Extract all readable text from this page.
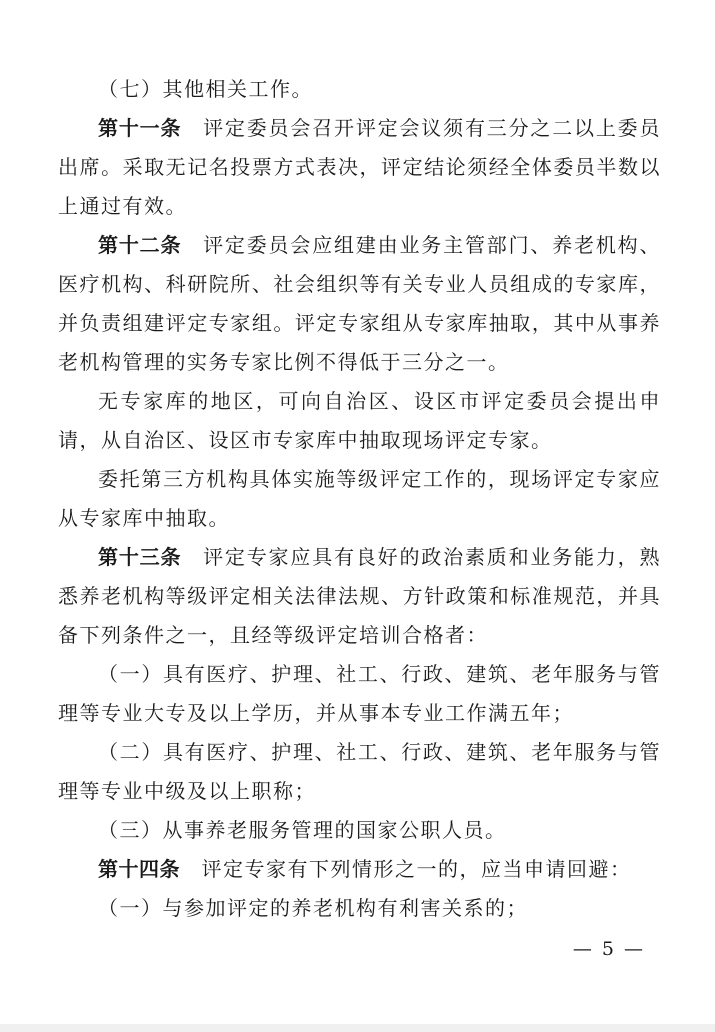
（七）其他相关工作。

第十一条　评定委员会召开评定会议须有三分之二以上委员出席。采取无记名投票方式表决，评定结论须经全体委员半数以上通过有效。

第十二条　评定委员会应组建由业务主管部门、养老机构、医疗机构、科研院所、社会组织等有关专业人员组成的专家库，并负责组建评定专家组。评定专家组从专家库抽取，其中从事养老机构管理的实务专家比例不得低于三分之一。

无专家库的地区，可向自治区、设区市评定委员会提出申请，从自治区、设区市专家库中抽取现场评定专家。

委托第三方机构具体实施等级评定工作的，现场评定专家应从专家库中抽取。

第十三条　评定专家应具有良好的政治素质和业务能力，熟悉养老机构等级评定相关法律法规、方针政策和标准规范，并具备下列条件之一，且经等级评定培训合格者：

（一）具有医疗、护理、社工、行政、建筑、老年服务与管理等专业大专及以上学历，并从事本专业工作满五年；

（二）具有医疗、护理、社工、行政、建筑、老年服务与管理等专业中级及以上职称；

（三）从事养老服务管理的国家公职人员。

第十四条　评定专家有下列情形之一的，应当申请回避：

（一）与参加评定的养老机构有利害关系的；

— 5 —
